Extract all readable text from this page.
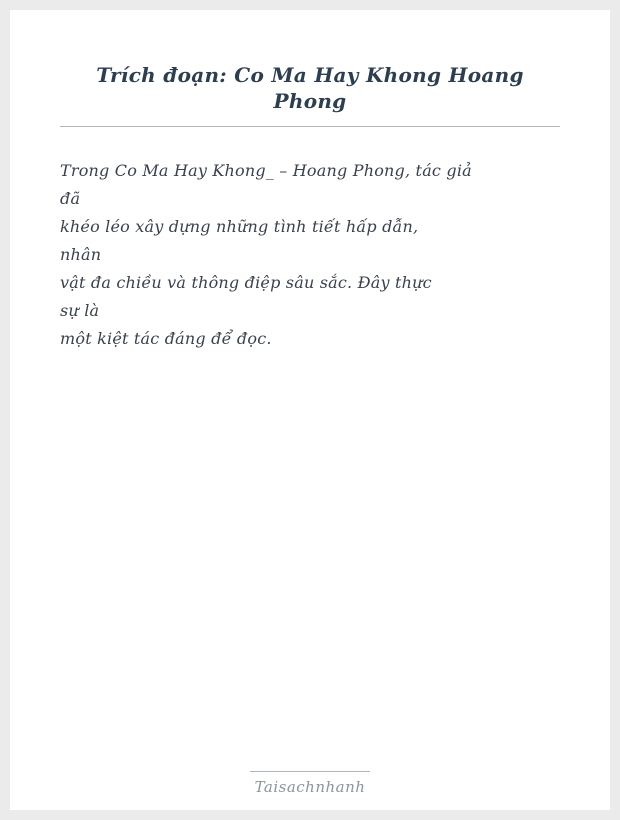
Trích đoạn: Co Ma Hay Khong Hoang Phong
Trong Co Ma Hay Khong_ – Hoang Phong, tác giả
đã
khéo léo xây dựng những tình tiết hấp dẫn,
nhân
vật đa chiều và thông điệp sâu sắc. Đây thực
sự là
một kiệt tác đáng để đọc.
Taisachnhanh
